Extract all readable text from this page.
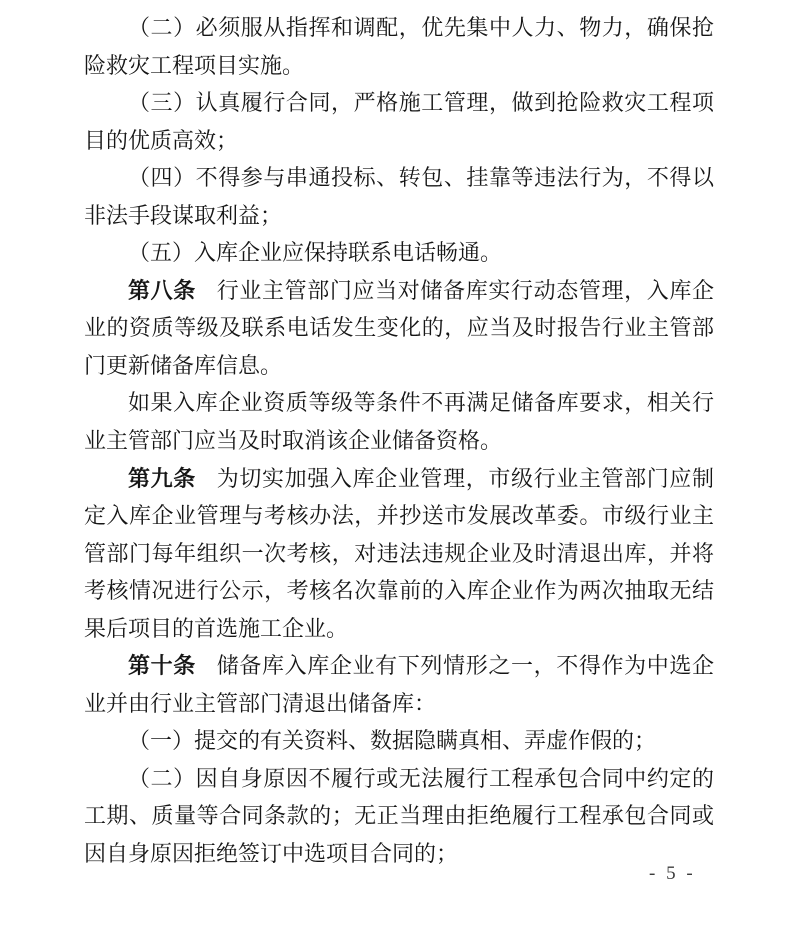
（二）必须服从指挥和调配，优先集中人力、物力，确保抢
险救灾工程项目实施。
（三）认真履行合同，严格施工管理，做到抢险救灾工程项
目的优质高效；
（四）不得参与串通投标、转包、挂靠等违法行为，不得以
非法手段谋取利益；
（五）入库企业应保持联系电话畅通。
第八条 行业主管部门应当对储备库实行动态管理，入库企
业的资质等级及联系电话发生变化的，应当及时报告行业主管部
门更新储备库信息。
如果入库企业资质等级等条件不再满足储备库要求，相关行
业主管部门应当及时取消该企业储备资格。
第九条 为切实加强入库企业管理，市级行业主管部门应制
定入库企业管理与考核办法，并抄送市发展改革委。市级行业主
管部门每年组织一次考核，对违法违规企业及时清退出库，并将
考核情况进行公示，考核名次靠前的入库企业作为两次抽取无结
果后项目的首选施工企业。
第十条 储备库入库企业有下列情形之一，不得作为中选企
业并由行业主管部门清退出储备库：
（一）提交的有关资料、数据隐瞒真相、弄虚作假的；
（二）因自身原因不履行或无法履行工程承包合同中约定的
工期、质量等合同条款的；无正当理由拒绝履行工程承包合同或
因自身原因拒绝签订中选项目合同的；
- 5 -
